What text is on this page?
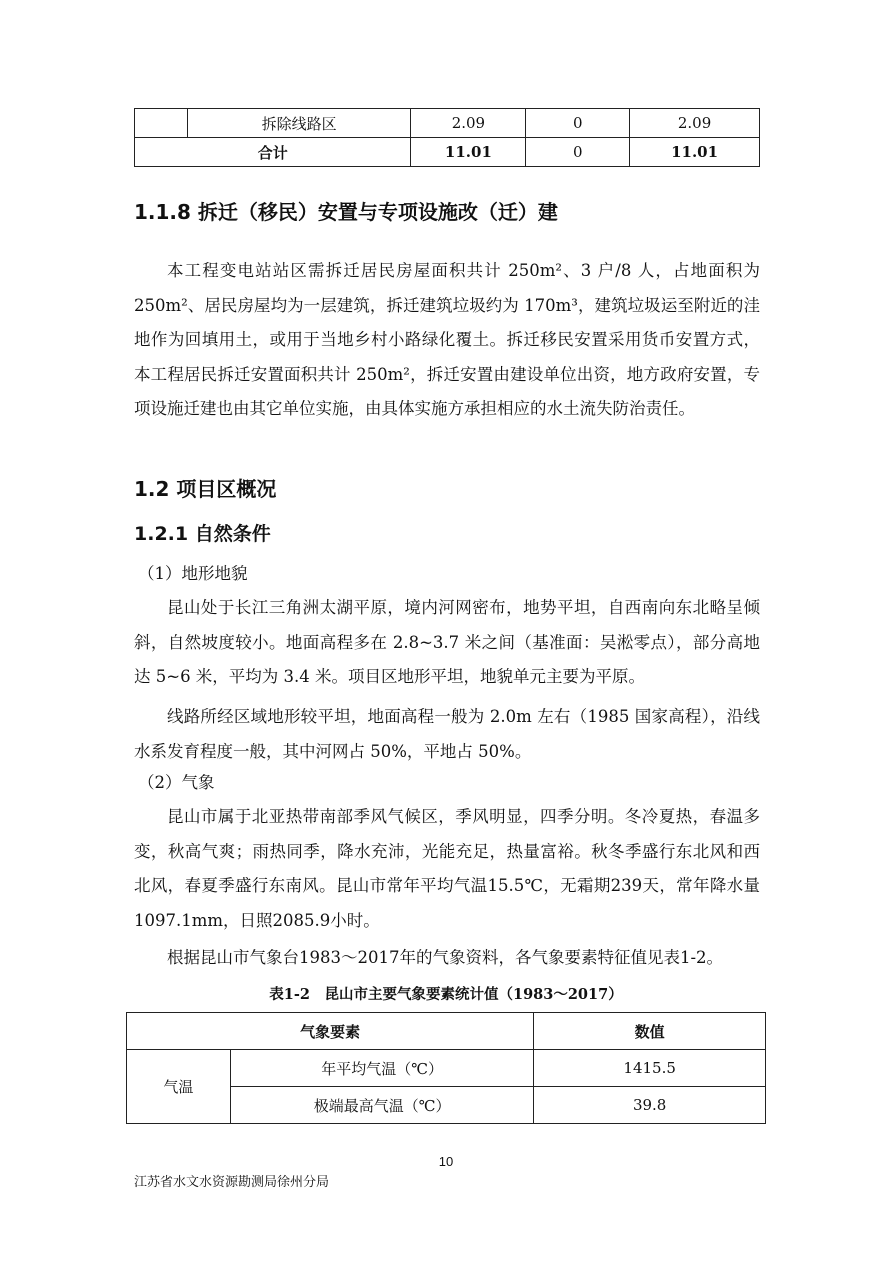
	拆除线路区	2.09	0	2.09
合计		11.01	0	11.01
1.1.8 拆迁（移民）安置与专项设施改（迁）建

本工程变电站站区需拆迁居民房屋面积共计 250m²、3 户/8 人，占地面积为 250m²、居民房屋均为一层建筑，拆迁建筑垃圾约为 170m³，建筑垃圾运至附近的洼地作为回填用土，或用于当地乡村小路绿化覆土。拆迁移民安置采用货币安置方式，本工程居民拆迁安置面积共计 250m²，拆迁安置由建设单位出资，地方政府安置，专项设施迁建也由其它单位实施，由具体实施方承担相应的水土流失防治责任。

1.2 项目区概况
1.2.1 自然条件

（1）地形地貌

昆山处于长江三角洲太湖平原，境内河网密布，地势平坦，自西南向东北略呈倾斜，自然坡度较小。地面高程多在 2.8~3.7 米之间（基准面：吴淞零点），部分高地达 5~6 米，平均为 3.4 米。项目区地形平坦，地貌单元主要为平原。

线路所经区域地形较平坦，地面高程一般为 2.0m 左右（1985 国家高程），沿线水系发育程度一般，其中河网占 50%，平地占 50%。

（2）气象

昆山市属于北亚热带南部季风气候区，季风明显，四季分明。冬冷夏热，春温多变，秋高气爽；雨热同季，降水充沛，光能充足，热量富裕。秋冬季盛行东北风和西北风，春夏季盛行东南风。昆山市常年平均气温15.5℃，无霜期239天，常年降水量1097.1mm，日照2085.9小时。

根据昆山市气象台1983～2017年的气象资料，各气象要素特征值见表1-2。

表1-2　昆山市主要气象要素统计值（1983～2017）
气象要素		数值
气温	年平均气温（℃）	1415.5
	极端最高气温（℃）	39.8
10
江苏省水文水资源勘测局徐州分局
